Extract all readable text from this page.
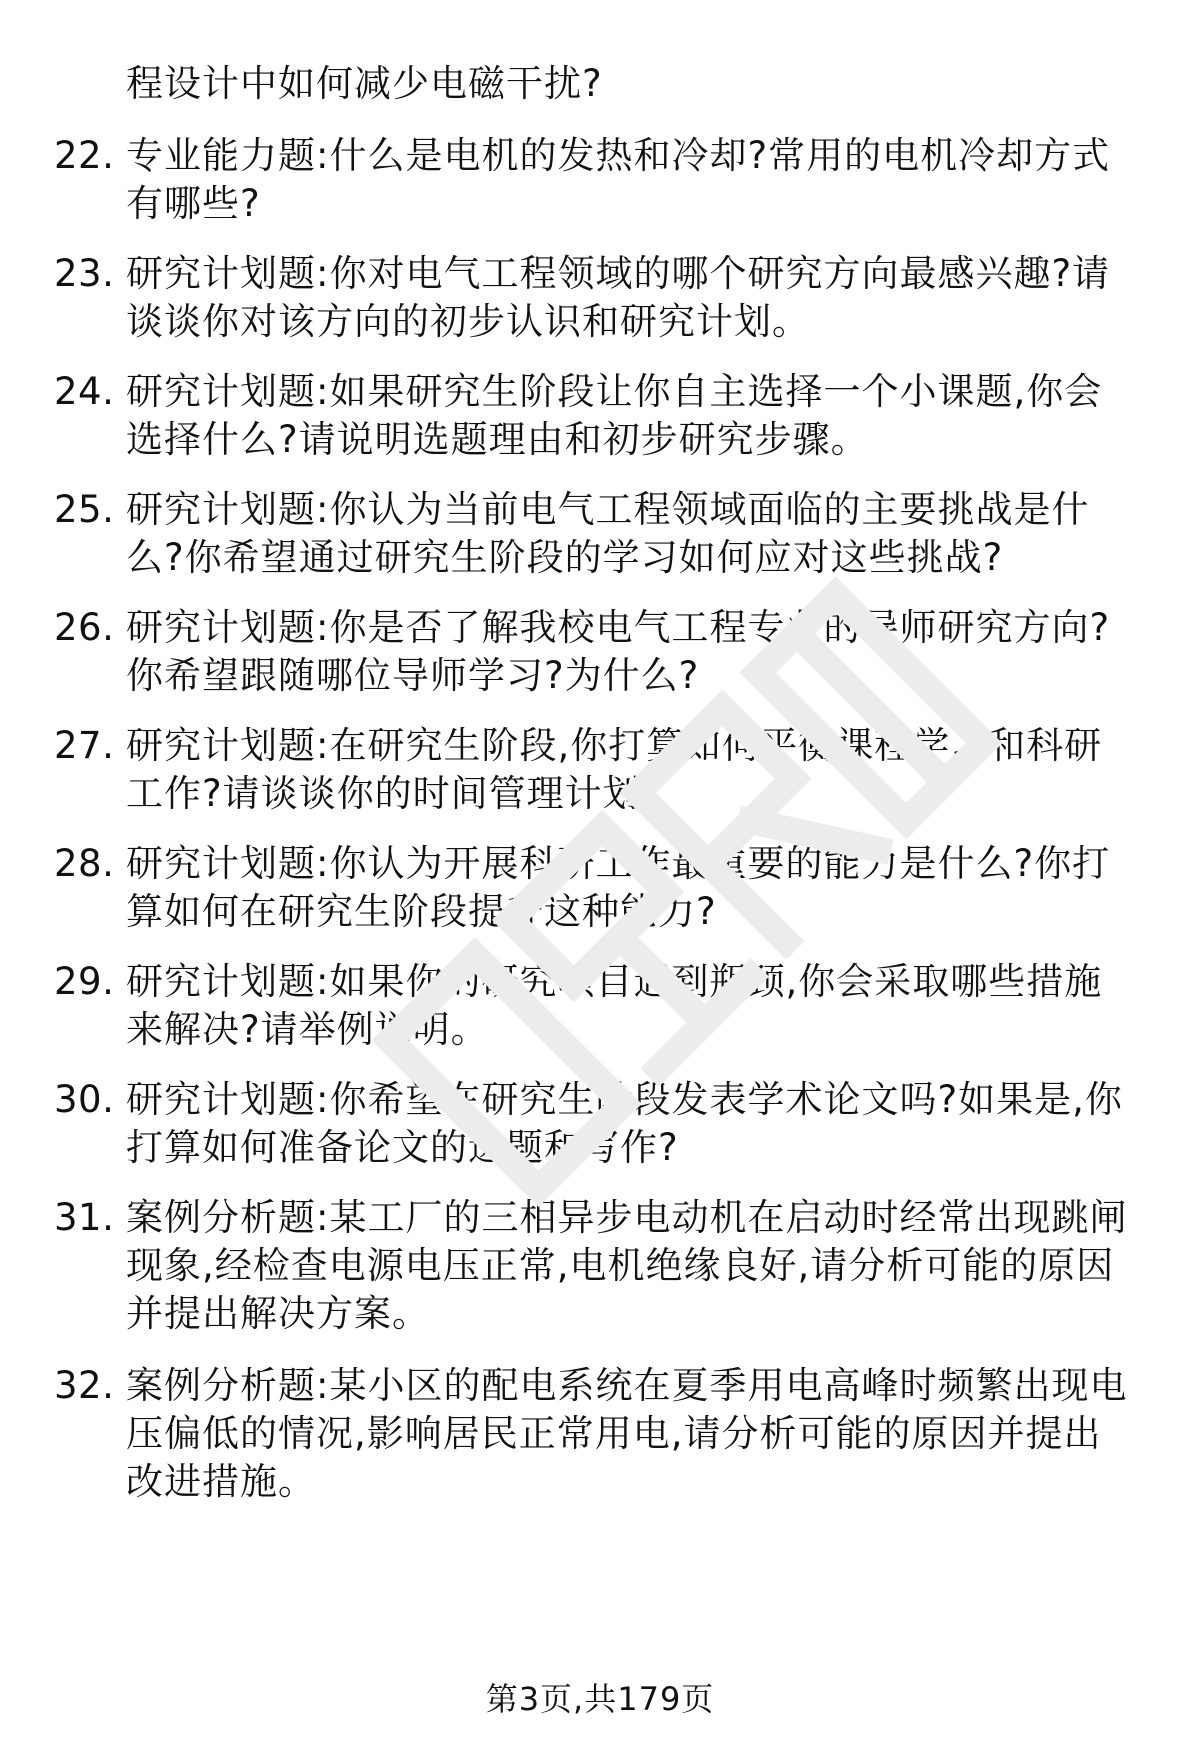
程设计中如何减少电磁干扰?
22. 专业能力题:什么是电机的发热和冷却?常用的电机冷却方式有哪些?
23. 研究计划题:你对电气工程领域的哪个研究方向最感兴趣?请谈谈你对该方向的初步认识和研究计划。
24. 研究计划题:如果研究生阶段让你自主选择一个小课题,你会选择什么?请说明选题理由和初步研究步骤。
25. 研究计划题:你认为当前电气工程领域面临的主要挑战是什么?你希望通过研究生阶段的学习如何应对这些挑战?
26. 研究计划题:你是否了解我校电气工程专业的导师研究方向?你希望跟随哪位导师学习?为什么?
27. 研究计划题:在研究生阶段,你打算如何平衡课程学习和科研工作?请谈谈你的时间管理计划。
28. 研究计划题:你认为开展科研工作最重要的能力是什么?你打算如何在研究生阶段提升这种能力?
29. 研究计划题:如果你的研究项目遇到瓶颈,你会采取哪些措施来解决?请举例说明。
30. 研究计划题:你希望在研究生阶段发表学术论文吗?如果是,你打算如何准备论文的选题和写作?
31. 案例分析题:某工厂的三相异步电动机在启动时经常出现跳闸现象,经检查电源电压正常,电机绝缘良好,请分析可能的原因并提出解决方案。
32. 案例分析题:某小区的配电系统在夏季用电高峰时频繁出现电压偏低的情况,影响居民正常用电,请分析可能的原因并提出改进措施。
第3页,共179页
